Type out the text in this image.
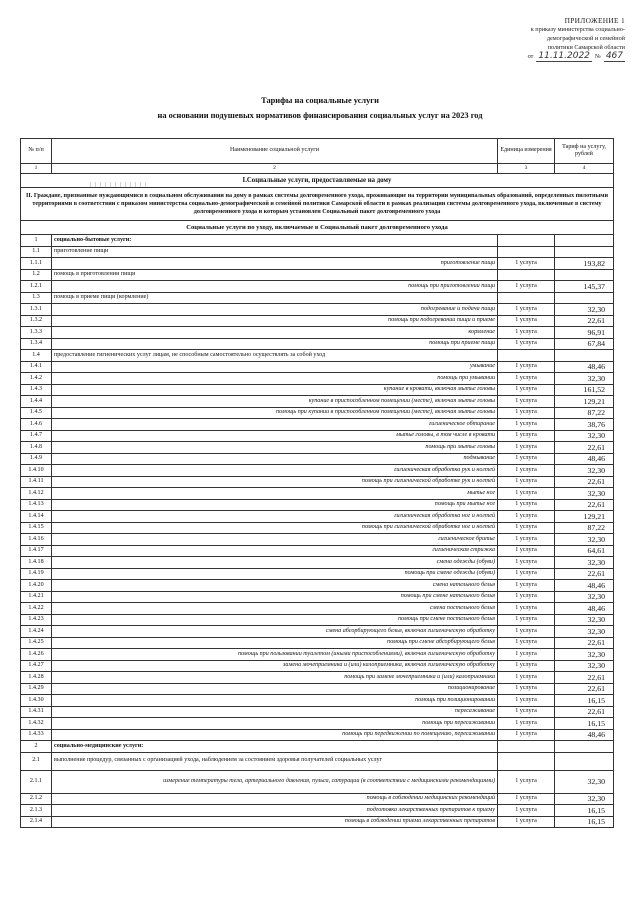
ПРИЛОЖЕНИЕ 1
к приказу министерства социально-
демографической и семейной
политики Самарской области
от 11.11.2022 № 467
Тарифы на социальные услуги
на основании подушевых нормативов финансирования социальных услуг на 2023 год
№ п/п	Наименование социальной услуги	Единица измерения	Тариф на услугу, рублей
1	2	3	4
I.Социальные услуги, предоставляемые на дому			
II. Граждане, признанные нуждающимися в социальном обслуживании на дому в рамках системы долговременного ухода, проживающие на территории муниципальных образований, определенных пилотными территориями в соответствии с приказом министерства социально-демографической и семейной политики Самарской области в рамках реализации системы долговременного ухода, включенные в систему долговременного ухода и которым установлен Социальный пакет долговременного ухода			
Социальные услуги по уходу, включаемые в Социальный пакет долговременного ухода			
1	социально-бытовые услуги:		
1.1	приготовление пищи		
1.1.1	приготовление пищи	1 услуга	193,82
1.2	помощь в приготовлении пищи		
1.2.1	помощь при приготовлении пищи	1 услуга	145,37
1.3	помощь в приеме пищи (кормление)		
1.3.1	подогревание и подача пищи	1 услуга	32,30
1.3.2	помощь при подогревании пищи и приеме	1 услуга	22,61
1.3.3	кормление	1 услуга	96,91
1.3.4	помощь при приеме пищи	1 услуга	67,84
1.4	предоставление гигиенических услуг лицам, не способным самостоятельно осуществлять за собой уход		
1.4.1	умывание	1 услуга	48,46
1.4.2	помощь при умывании	1 услуга	32,30
1.4.3	купание в кровати, включая мытье головы	1 услуга	161,52
1.4.4	купание в приспособленном помещении (месте), включая мытье головы	1 услуга	129,21
1.4.5	помощь при купании в приспособленном помещении (месте), включая мытье головы	1 услуга	87,22
1.4.6	гигиеническое обтирание	1 услуга	38,76
1.4.7	мытье головы, в том числе в кровати	1 услуга	32,30
1.4.8	помощь при мытье головы	1 услуга	22,61
1.4.9	подмывание	1 услуга	48,46
1.4.10	гигиеническая обработка рук и ногтей	1 услуга	32,30
1.4.11	помощь при гигиенической обработке рук и ногтей	1 услуга	22,61
1.4.12	мытье ног	1 услуга	32,30
1.4.13	помощь при мытье ног	1 услуга	22,61
1.4.14	гигиеническая обработка ног и ногтей	1 услуга	129,21
1.4.15	помощь при гигиенической обработке ног и ногтей	1 услуга	87,22
1.4.16	гигиеническое бритье	1 услуга	32,30
1.4.17	гигиеническая стрижка	1 услуга	64,61
1.4.18	смена одежды (обуви)	1 услуга	32,30
1.4.19	помощь при смене одежды (обуви)	1 услуга	22,61
1.4.20	смена нательного белья	1 услуга	48,46
1.4.21	помощь при смене нательного белья	1 услуга	32,30
1.4.22	смена постельного белья	1 услуга	48,46
1.4.23	помощь при смене постельного белья	1 услуга	32,30
1.4.24	смена абсорбирующего белья, включая гигиеническую обработку	1 услуга	32,30
1.4.25	помощь при смене абсорбирующего белья	1 услуга	22,61
1.4.26	помощь при пользовании туалетом (иными приспособлениями), включая гигиеническую обработку	1 услуга	32,30
1.4.27	замена мочеприемника и (или) калоприемника, включая гигиеническую обработку	1 услуга	32,30
1.4.28	помощь при замене мочеприемника и (или) калоприемника	1 услуга	22,61
1.4.29	позиционирование	1 услуга	22,61
1.4.30	помощь при позиционировании	1 услуга	16,15
1.4.31	пересаживание	1 услуга	22,61
1.4.32	помощь при пересаживании	1 услуга	16,15
1.4.33	помощь при передвижении по помещению, пересаживании	1 услуга	48,46
2	социально-медицинские услуги:		
2.1	выполнение процедур, связанных с организацией ухода, наблюдением за состоянием здоровья получателей социальных услуг		
2.1.1	измерение температуры тела, артериального давления, пульса, сатурации (в соответствии с медицинскими рекомендациями)	1 услуга	32,30
2.1.2	помощь в соблюдении медицинских рекомендаций	1 услуга	32,30
2.1.3	подготовка лекарственных препаратов к приему	1 услуга	16,15
2.1.4	помощь в соблюдении приема лекарственных препаратов	1 услуга	16,15
